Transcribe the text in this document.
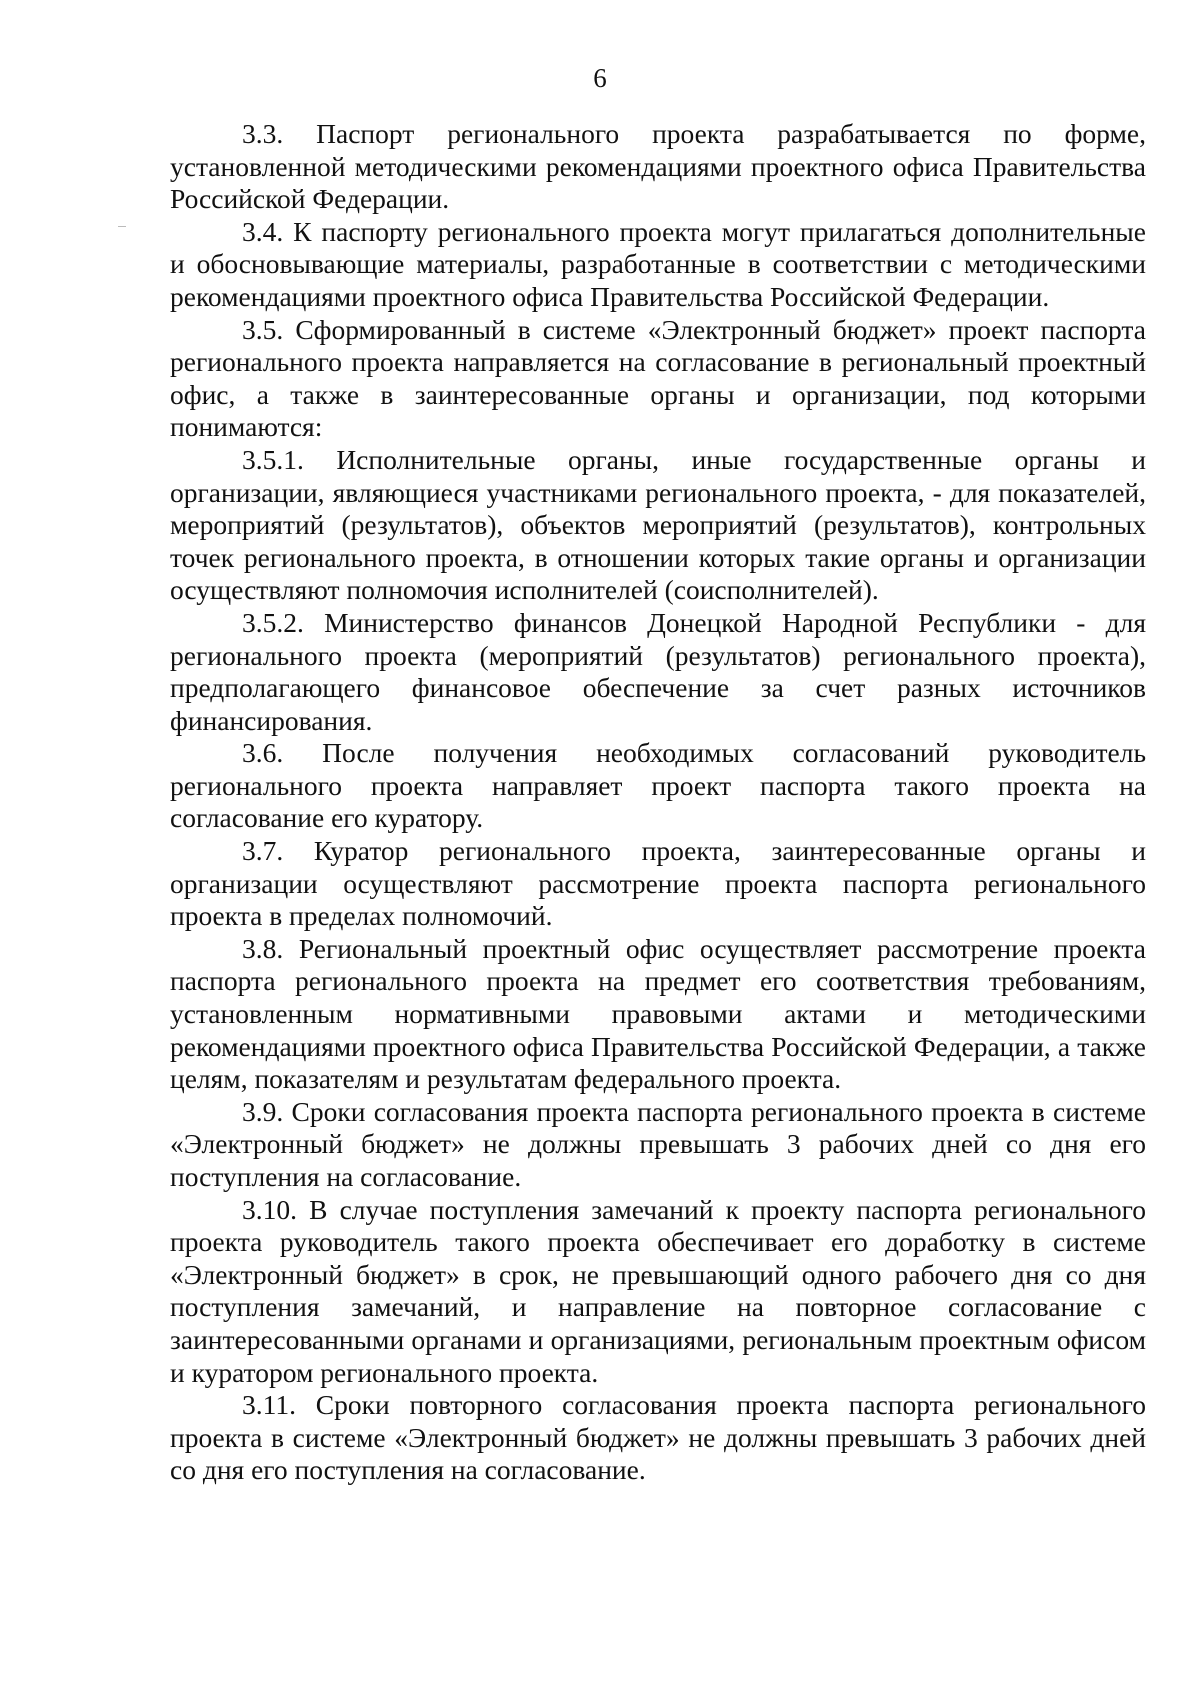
6

3.3. Паспорт регионального проекта разрабатывается по форме, установленной методическими рекомендациями проектного офиса Правительства Российской Федерации.

3.4. К паспорту регионального проекта могут прилагаться дополнительные и обосновывающие материалы, разработанные в соответствии с методическими рекомендациями проектного офиса Правительства Российской Федерации.

3.5. Сформированный в системе «Электронный бюджет» проект паспорта регионального проекта направляется на согласование в региональный проектный офис, а также в заинтересованные органы и организации, под которыми понимаются:

3.5.1. Исполнительные органы, иные государственные органы и организации, являющиеся участниками регионального проекта, - для показателей, мероприятий (результатов), объектов мероприятий (результатов), контрольных точек регионального проекта, в отношении которых такие органы и организации осуществляют полномочия исполнителей (соисполнителей).

3.5.2. Министерство финансов Донецкой Народной Республики - для регионального проекта (мероприятий (результатов) регионального проекта), предполагающего финансовое обеспечение за счет разных источников финансирования.

3.6. После получения необходимых согласований руководитель регионального проекта направляет проект паспорта такого проекта на согласование его куратору.

3.7. Куратор регионального проекта, заинтересованные органы и организации осуществляют рассмотрение проекта паспорта регионального проекта в пределах полномочий.

3.8. Региональный проектный офис осуществляет рассмотрение проекта паспорта регионального проекта на предмет его соответствия требованиям, установленным нормативными правовыми актами и методическими рекомендациями проектного офиса Правительства Российской Федерации, а также целям, показателям и результатам федерального проекта.

3.9. Сроки согласования проекта паспорта регионального проекта в системе «Электронный бюджет» не должны превышать 3 рабочих дней со дня его поступления на согласование.

3.10. В случае поступления замечаний к проекту паспорта регионального проекта руководитель такого проекта обеспечивает его доработку в системе «Электронный бюджет» в срок, не превышающий одного рабочего дня со дня поступления замечаний, и направление на повторное согласование с заинтересованными органами и организациями, региональным проектным офисом и куратором регионального проекта.

3.11. Сроки повторного согласования проекта паспорта регионального проекта в системе «Электронный бюджет» не должны превышать 3 рабочих дней со дня его поступления на согласование.
